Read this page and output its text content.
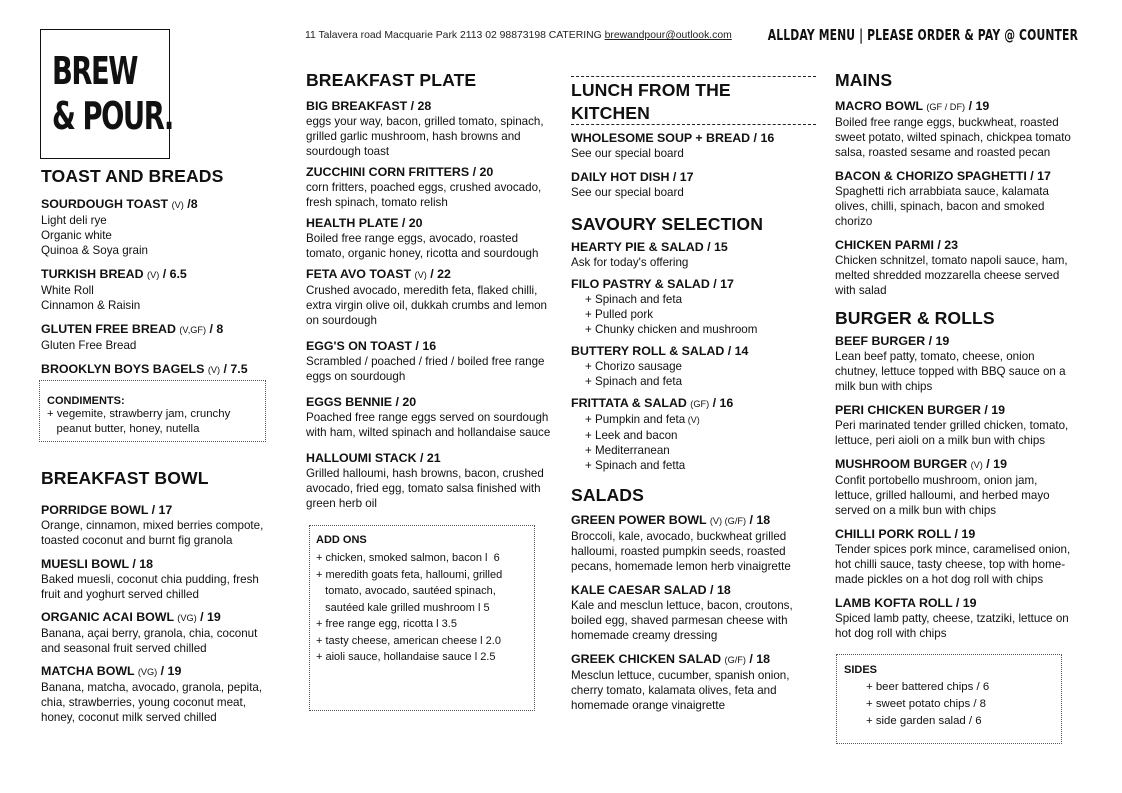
BREW
& POUR.
11 Talavera road Macquarie Park 2113 02 98873198 CATERING brewandpour@outlook.com ALLDAY MENU | PLEASE ORDER & PAY @ COUNTER
TOAST AND BREADS
SOURDOUGH TOAST (V) /8
Light deli rye
Organic white
Quinoa & Soya grain
TURKISH BREAD (V) / 6.5
White Roll
Cinnamon & Raisin
GLUTEN FREE BREAD (V,GF) / 8
Gluten Free Bread
BROOKLYN BOYS BAGELS (V) / 7.5
CONDIMENTS:
+ vegemite, strawberry jam, crunchy
peanut butter, honey, nutella
BREAKFAST BOWL
PORRIDGE BOWL / 17
Orange, cinnamon, mixed berries compote,
toasted coconut and burnt fig granola
MUESLI BOWL / 18
Baked muesli, coconut chia pudding, fresh
fruit and yoghurt served chilled
ORGANIC ACAI BOWL (VG) / 19
Banana, açai berry, granola, chia, coconut
and seasonal fruit served chilled
MATCHA BOWL (VG) / 19
Banana, matcha, avocado, granola, pepita,
chia, strawberries, young coconut meat,
honey, coconut milk served chilled
BREAKFAST PLATE
BIG BREAKFAST / 28
eggs your way, bacon, grilled tomato, spinach,
grilled garlic mushroom, hash browns and
sourdough toast
ZUCCHINI CORN FRITTERS / 20
corn fritters, poached eggs, crushed avocado,
fresh spinach, tomato relish
HEALTH PLATE / 20
Boiled free range eggs, avocado, roasted
tomato, organic honey, ricotta and sourdough
FETA AVO TOAST (V) / 22
Crushed avocado, meredith feta, flaked chilli,
extra virgin olive oil, dukkah crumbs and lemon
on sourdough
EGG'S ON TOAST / 16
Scrambled / poached / fried / boiled free range
eggs on sourdough
EGGS BENNIE / 20
Poached free range eggs served on sourdough
with ham, wilted spinach and hollandaise sauce
HALLOUMI STACK / 21
Grilled halloumi, hash browns, bacon, crushed
avocado, fried egg, tomato salsa finished with
green herb oil
ADD ONS
+ chicken, smoked salmon, bacon l  6
+ meredith goats feta, halloumi, grilled
tomato, avocado, sautéed spinach,
sautéed kale grilled mushroom l 5
+ free range egg, ricotta l 3.5
+ tasty cheese, american cheese l 2.0
+ aioli sauce, hollandaise sauce l 2.5
LUNCH FROM THE
KITCHEN
WHOLESOME SOUP + BREAD / 16
See our special board
DAILY HOT DISH / 17
See our special board
SAVOURY SELECTION
HEARTY PIE & SALAD / 15
Ask for today's offering
FILO PASTRY & SALAD / 17
+ Spinach and feta
+ Pulled pork
+ Chunky chicken and mushroom
BUTTERY ROLL & SALAD / 14
+ Chorizo sausage
+ Spinach and feta
FRITTATA & SALAD (GF) / 16
+ Pumpkin and feta (V)
+ Leek and bacon
+ Mediterranean
+ Spinach and fetta
SALADS
GREEN POWER BOWL (V) (G/F) / 18
Broccoli, kale, avocado, buckwheat grilled
halloumi, roasted pumpkin seeds, roasted
pecans, homemade lemon herb vinaigrette
KALE CAESAR SALAD / 18
Kale and mesclun lettuce, bacon, croutons,
boiled egg, shaved parmesan cheese with
homemade creamy dressing
GREEK CHICKEN SALAD (G/F) / 18
Mesclun lettuce, cucumber, spanish onion,
cherry tomato, kalamata olives, feta and
homemade orange vinaigrette
MAINS
MACRO BOWL (GF / DF) / 19
Boiled free range eggs, buckwheat, roasted
sweet potato, wilted spinach, chickpea tomato
salsa, roasted sesame and roasted pecan
BACON & CHORIZO SPAGHETTI / 17
Spaghetti rich arrabbiata sauce, kalamata
olives, chilli, spinach, bacon and smoked
chorizo
CHICKEN PARMI / 23
Chicken schnitzel, tomato napoli sauce, ham,
melted shredded mozzarella cheese served
with salad
BURGER & ROLLS
BEEF BURGER / 19
Lean beef patty, tomato, cheese, onion
chutney, lettuce topped with BBQ sauce on a
milk bun with chips
PERI CHICKEN BURGER / 19
Peri marinated tender grilled chicken, tomato,
lettuce, peri aioli on a milk bun with chips
MUSHROOM BURGER (V) / 19
Confit portobello mushroom, onion jam,
lettuce, grilled halloumi, and herbed mayo
served on a milk bun with chips
CHILLI PORK ROLL / 19
Tender spices pork mince, caramelised onion,
hot chilli sauce, tasty cheese, top with home-
made pickles on a hot dog roll with chips
LAMB KOFTA ROLL / 19
Spiced lamb patty, cheese, tzatziki, lettuce on
hot dog roll with chips
SIDES
+ beer battered chips / 6
+ sweet potato chips / 8
+ side garden salad / 6
